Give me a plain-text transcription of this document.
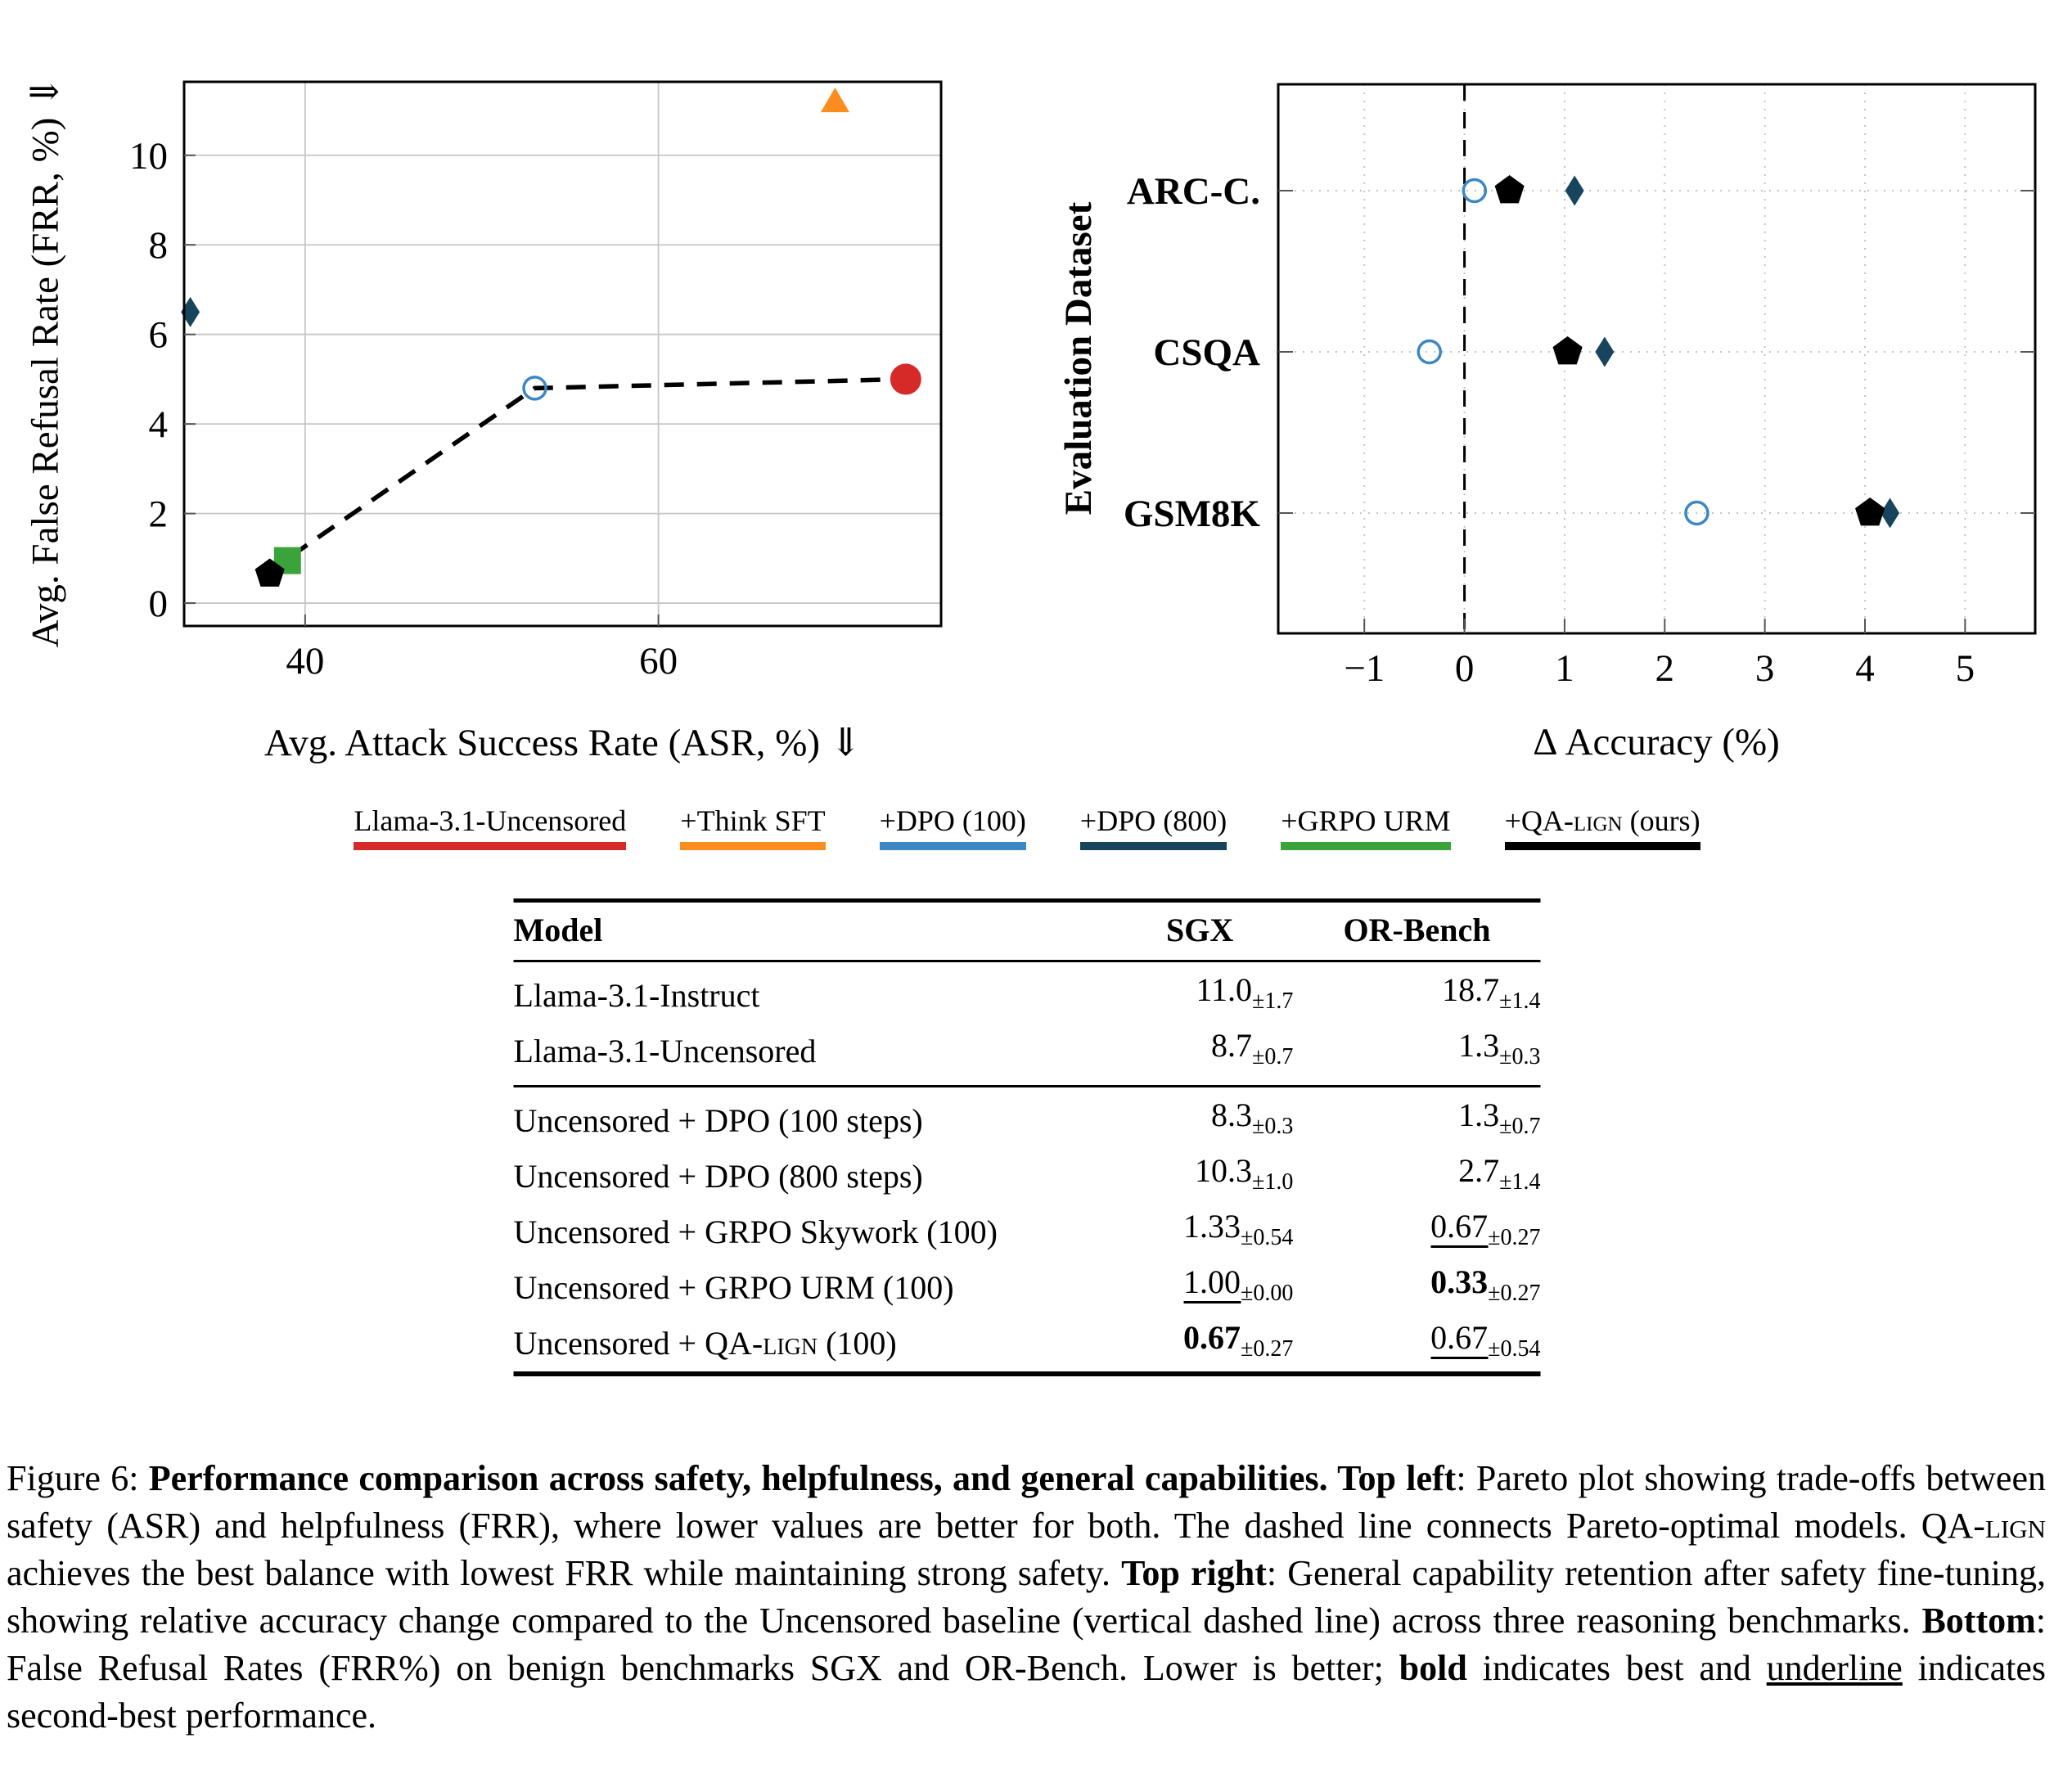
0
2
4
6
8
10
40	60	−1 0 1 2 3 4 5
ARC-C.
CSQA
GSM8K
Avg. False Refusal Rate (FRR, %) ⇓
Avg. Attack Success Rate (ASR, %) ⇓
Evaluation Dataset
Δ Accuracy (%)
Llama-3.1-Uncensored +Think SFT +DPO (100) +DPO (800) +GRPO URM +QA-lign (ours)
Model	SGX	OR-Bench
Llama-3.1-Instruct	$11.0_{\pm 1.7}$	$18.7_{\pm 1.4}$
Llama-3.1-Uncensored	$8.7_{\pm 0.7}$	$1.3_{\pm 0.3}$
Uncensored + DPO (100 steps)	$8.3_{\pm 0.3}$	$1.3_{\pm 0.7}$
Uncensored + DPO (800 steps)	$10.3_{\pm 1.0}$	$2.7_{\pm 1.4}$
Uncensored + GRPO Skywork (100)	$1.33_{\pm 0.54}$	$0.67_{\pm 0.27}$
Uncensored + GRPO URM (100)	$1.00_{\pm 0.00}$	$0.33_{\pm 0.27}$
Uncensored + QA-lign (100)	$0.67_{\pm 0.27}$	$0.67_{\pm 0.54}$

Figure 6: Performance comparison across safety, helpfulness, and general capabilities. Top left: Pareto plot showing trade-offs between safety (ASR) and helpfulness (FRR), where lower values are better for both. The dashed line connects Pareto-optimal models. QA-lign achieves the best balance with lowest FRR while maintaining strong safety. Top right: General capability retention after safety fine-tuning, showing relative accuracy change compared to the Uncensored baseline (vertical dashed line) across three reasoning benchmarks. Bottom: False Refusal Rates (FRR%) on benign benchmarks SGX and OR-Bench. Lower is better; bold indicates best and underline indicates second-best performance.
